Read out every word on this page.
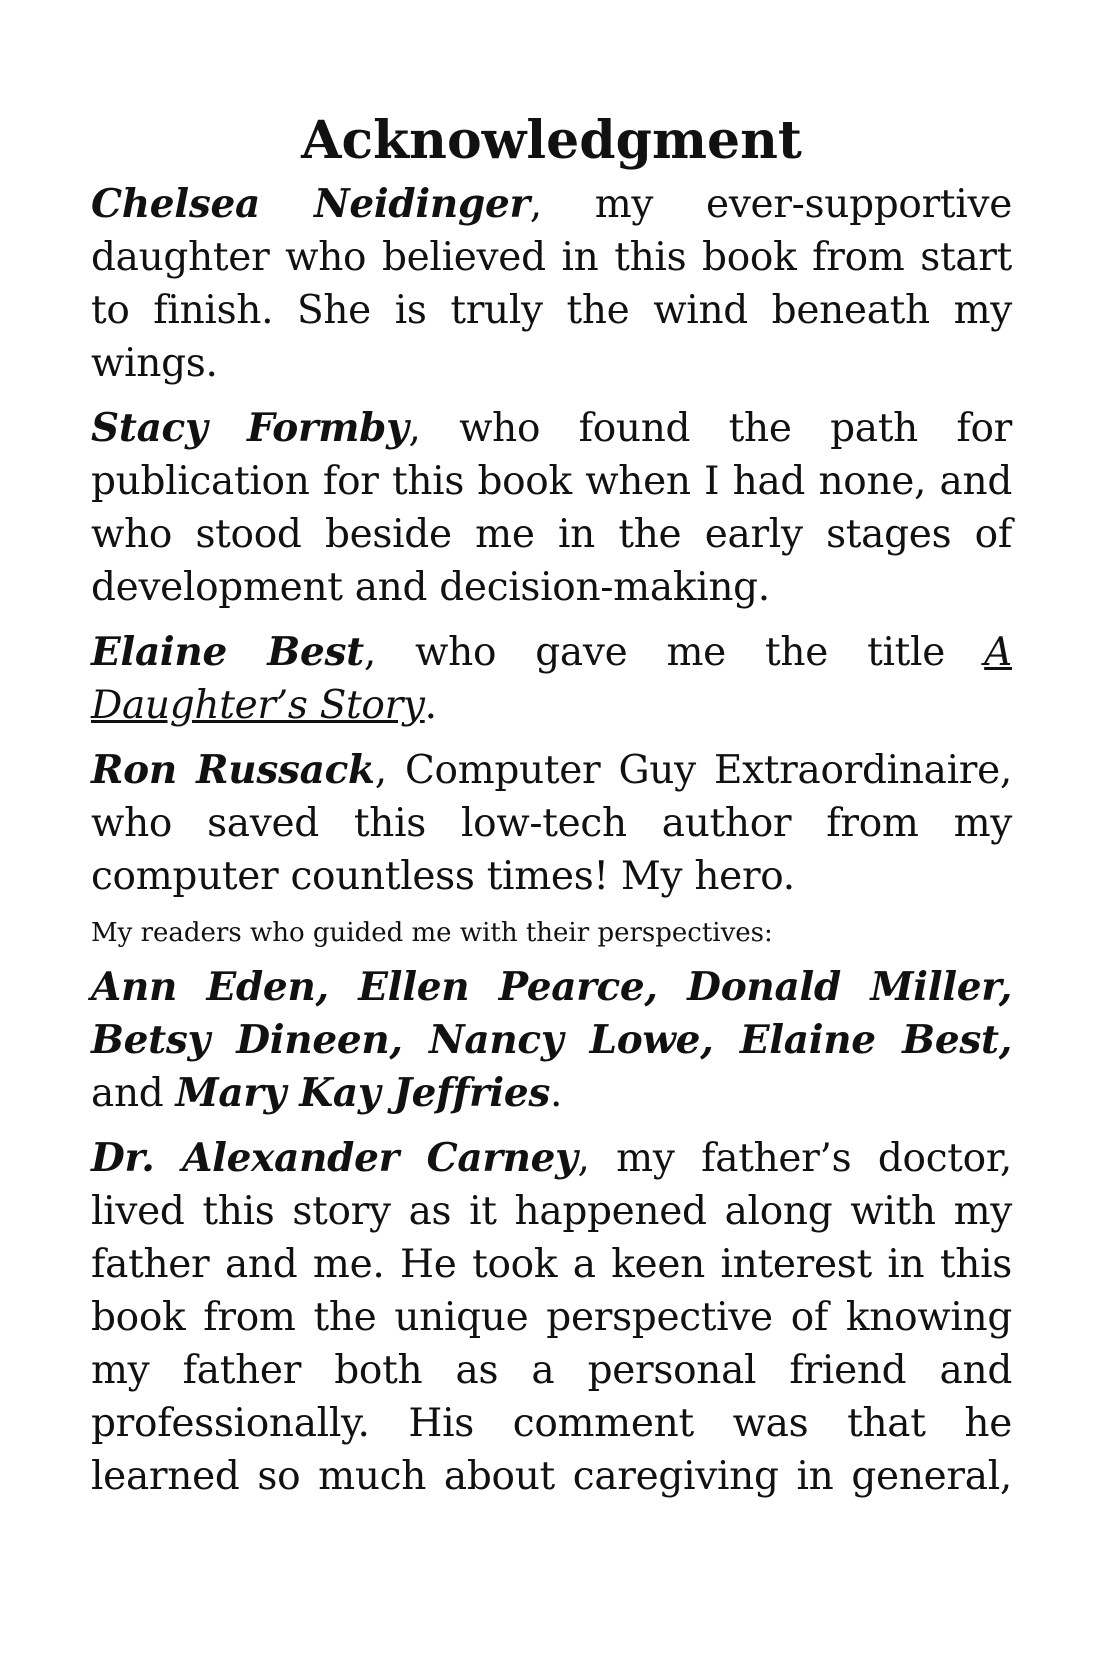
Acknowledgment

Chelsea Neidinger, my ever-supportive daughter who believed in this book from start to finish. She is truly the wind beneath my wings.

Stacy Formby, who found the path for publication for this book when I had none, and who stood beside me in the early stages of development and decision-making.

Elaine Best, who gave me the title A Daughter’s Story.

Ron Russack, Computer Guy Extraordinaire, who saved this low-tech author from my computer countless times! My hero.

My readers who guided me with their perspectives:

Ann Eden, Ellen Pearce, Donald Miller, Betsy Dineen, Nancy Lowe, Elaine Best, and Mary Kay Jeffries.

Dr. Alexander Carney, my father’s doctor, lived this story as it happened along with my father and me. He took a keen interest in this book from the unique perspective of knowing my father both as a personal friend and professionally. His comment was that he learned so much about caregiving in general,
